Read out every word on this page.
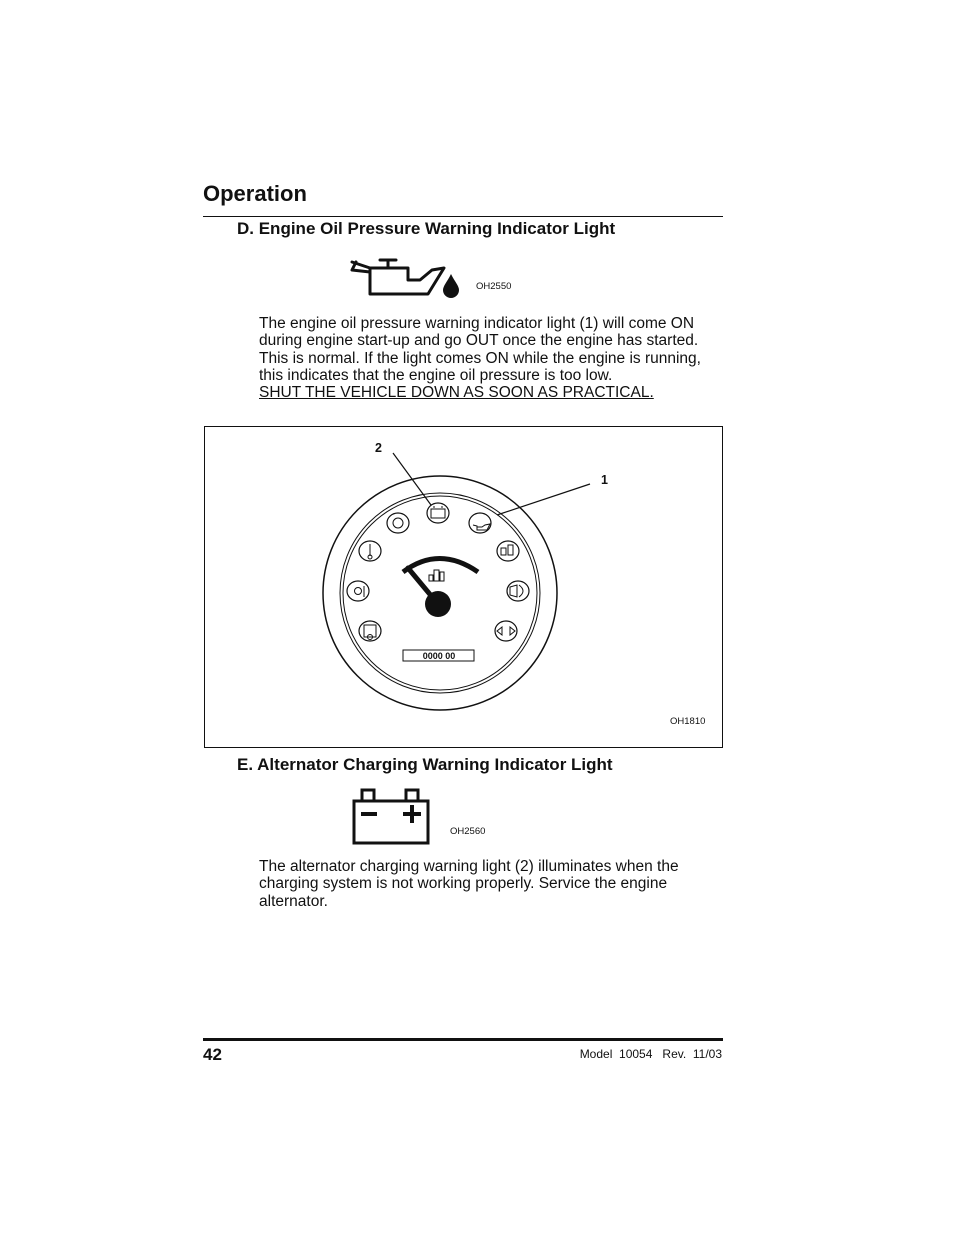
Operation
D. Engine Oil Pressure Warning Indicator Light
OH2550
The engine oil pressure warning indicator light (1) will come ON
during engine start-up and go OUT once the engine has started.
This is normal. If the light comes ON while the engine is running,
this indicates that the engine oil pressure is too low.
SHUT THE VEHICLE DOWN AS SOON AS PRACTICAL.
2
1
0000 00
OH1810
E. Alternator Charging Warning Indicator Light
OH2560
The alternator charging warning light (2) illuminates when the
charging system is not working properly. Service the engine
alternator.
42	Model  10054   Rev.  11/03
